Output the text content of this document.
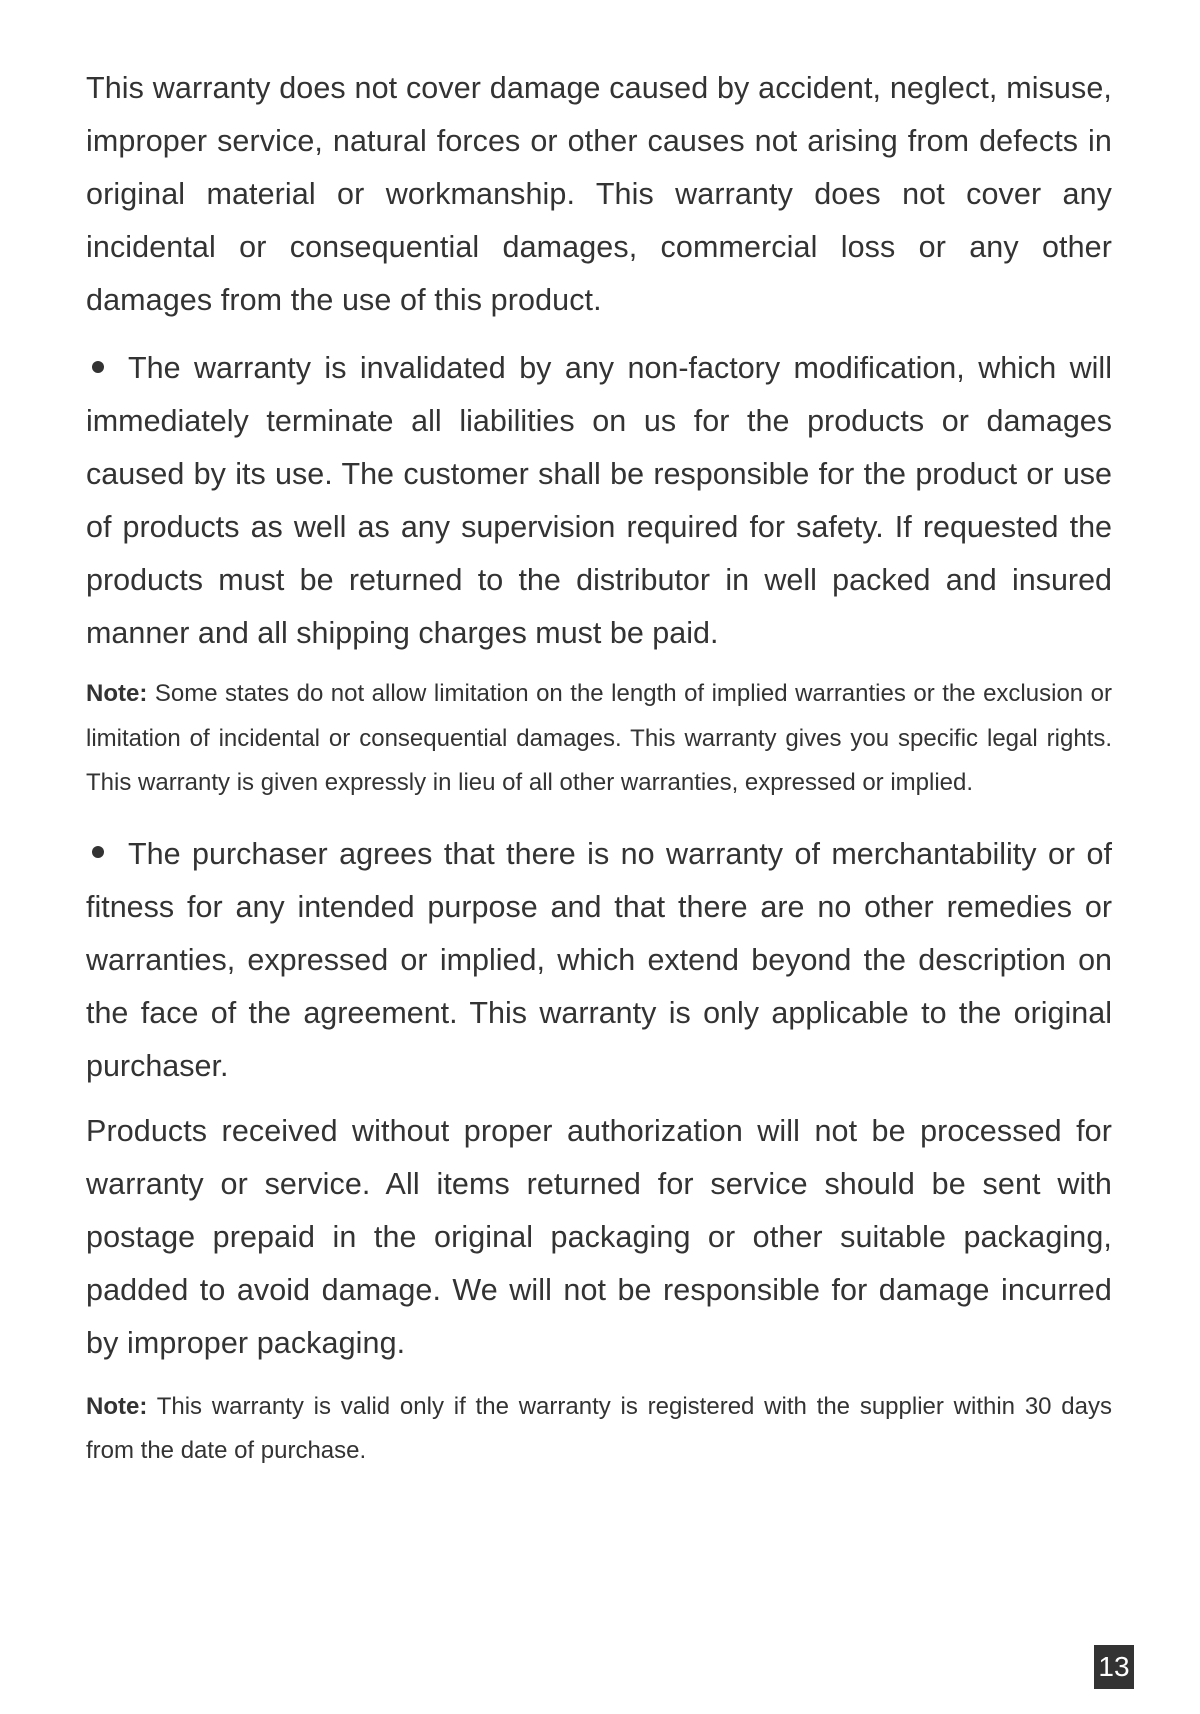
This warranty does not cover damage caused by accident, neglect, misuse, improper service, natural forces or other causes not arising from defects in original material or workmanship. This warranty does not cover any incidental or consequential damages, commercial loss or any other damages from the use of this product.

The warranty is invalidated by any non-factory modification, which will immediately terminate all liabilities on us for the products or damages caused by its use. The customer shall be responsible for the product or use of products as well as any supervision required for safety. If requested the products must be returned to the distributor in well packed and insured manner and all shipping charges must be paid.

Note: Some states do not allow limitation on the length of implied warranties or the exclusion or limitation of incidental or consequential damages. This warranty gives you specific legal rights. This warranty is given expressly in lieu of all other warranties, expressed or implied.

The purchaser agrees that there is no warranty of merchantability or of fitness for any intended purpose and that there are no other remedies or warranties, expressed or implied, which extend beyond the description on the face of the agreement. This warranty is only applicable to the original purchaser.

Products received without proper authorization will not be processed for warranty or service. All items returned for service should be sent with postage prepaid in the original packaging or other suitable packaging, padded to avoid damage. We will not be responsible for damage incurred by improper packaging.

Note: This warranty is valid only if the warranty is registered with the supplier within 30 days from the date of purchase.

13
